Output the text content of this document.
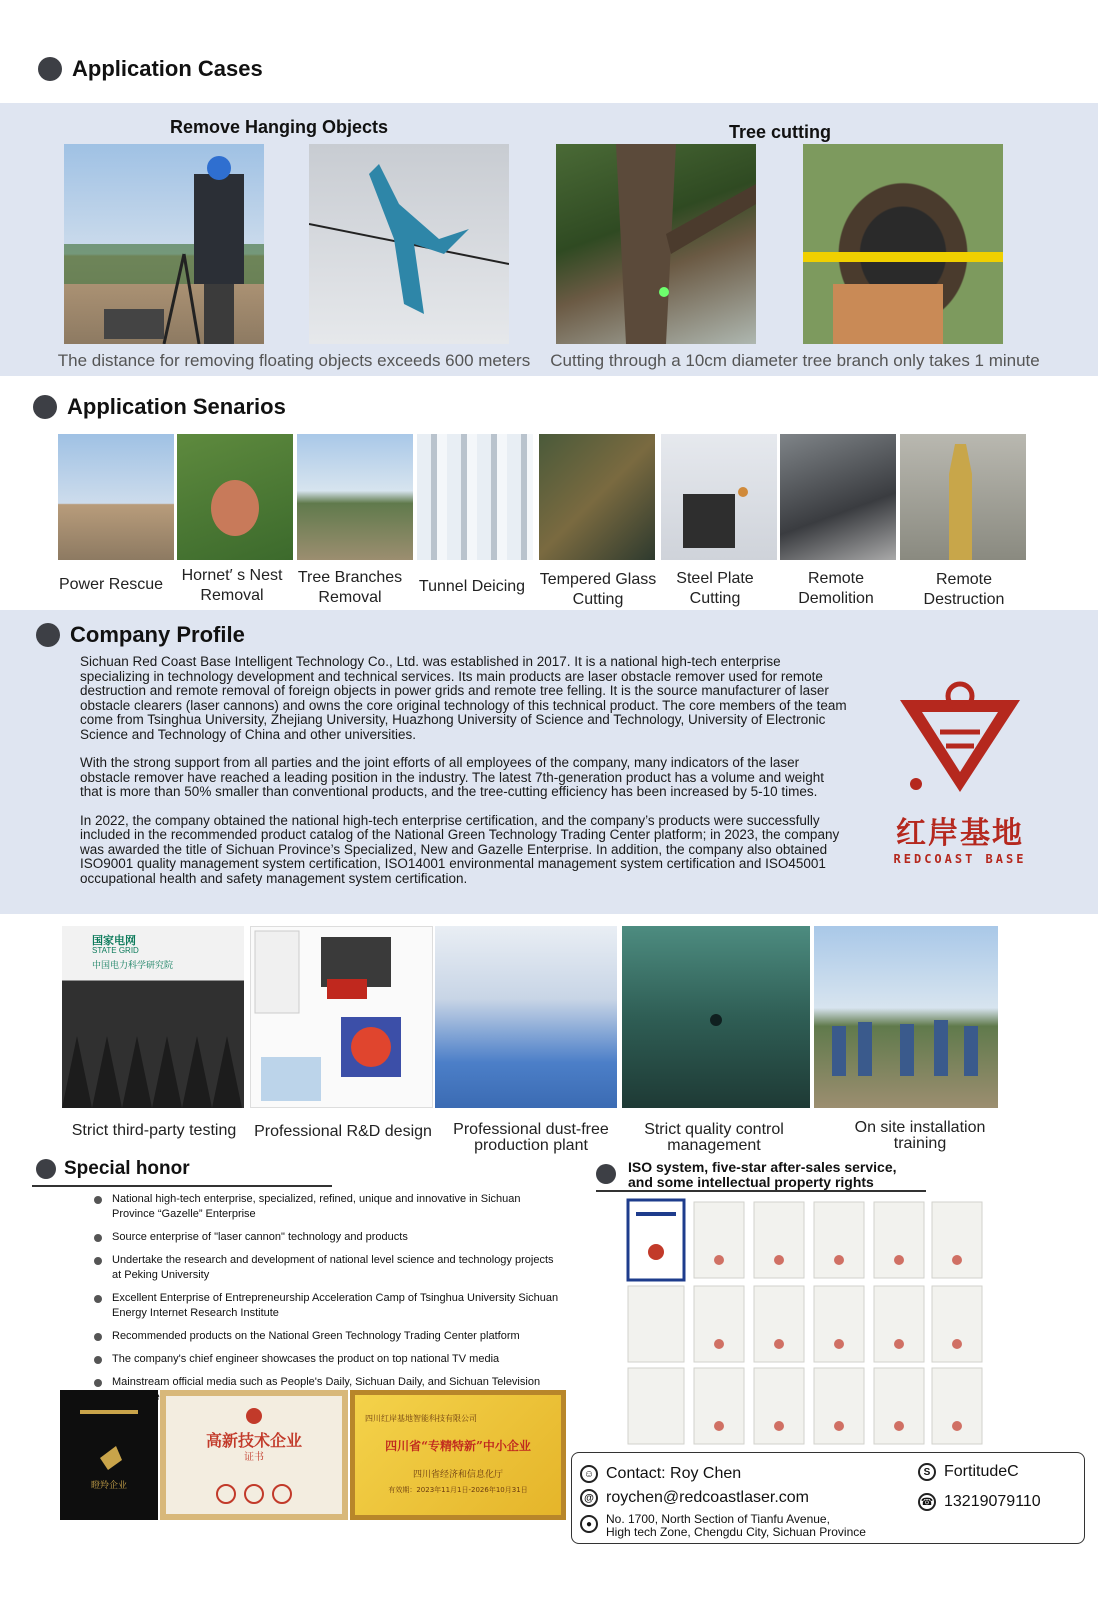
Application Cases
Remove Hanging Objects	Tree cutting
The distance for removing floating objects exceeds 600 meters Cutting through a 10cm diameter tree branch only takes 1 minute
Application Senarios
Power Rescue
Hornet′ s Nest Removal
Tree Branches Removal
Tunnel Deicing Tempered Glass Cutting
Steel Plate Cutting
Remote Demolition
Remote Destruction
Company Profile

Sichuan Red Coast Base Intelligent Technology Co., Ltd. was established in 2017. It is a national high-tech enterprise specializing in technology development and technical services. Its main products are laser obstacle remover used for remote destruction and remote removal of foreign objects in power grids and remote tree felling. It is the source manufacturer of laser obstacle clearers (laser cannons) and owns the core original technology of this technical product. The core members of the team come from Tsinghua University, Zhejiang University, Huazhong University of Science and Technology, University of Electronic Science and Technology of China and other universities.

With the strong support from all parties and the joint efforts of all employees of the company, many indicators of the laser obstacle remover have reached a leading position in the industry. The latest 7th-generation product has a volume and weight that is more than 50% smaller than conventional products, and the tree-cutting efficiency has been increased by 5-10 times.

In 2022, the company obtained the national high-tech enterprise certification, and the company’s products were successfully included in the recommended product catalog of the National Green Technology Trading Center platform; in 2023, the company was awarded the title of Sichuan Province’s Specialized, New and Gazelle Enterprise. In addition, the company also obtained ISO9001 quality management system certification, ISO14001 environmental management system certification and ISO45001 occupational health and safety management system certification.

红岸基地
REDCOAST BASE
国家电网
STATE GRID
中国电力科学研究院
Strict third-party testing	Professional R&D design	Professional dust-free production plant
Strict quality control management
On site installation training
Special honor
National high-tech enterprise, specialized, refined, unique and innovative in Sichuan Province “Gazelle” Enterprise
Source enterprise of "laser cannon" technology and products
Undertake the research and development of national level science and technology projects at Peking University
Excellent Enterprise of Entrepreneurship Acceleration Camp of Tsinghua University Sichuan Energy Internet Research Institute
Recommended products on the National Green Technology Trading Center platform
The company's chief engineer showcases the product on top national TV media
Mainstream official media such as People's Daily, Sichuan Daily, and Sichuan Television
瞪羚企业
高新技术企业
证书
四川红岸基地智能科技有限公司
四川省“专精特新”中小企业
四川省经济和信息化厅
有效期：2023年11月1日-2026年10月31日
ISO system, five-star after-sales service,
and some intellectual property rights
☺ Contact: Roy Chen
@ roychen@redcoastlaser.com
●	No. 1700, North Section of Tianfu Avenue,
High tech Zone, Chengdu City, Sichuan Province
S FortitudeC
☎ 13219079110
